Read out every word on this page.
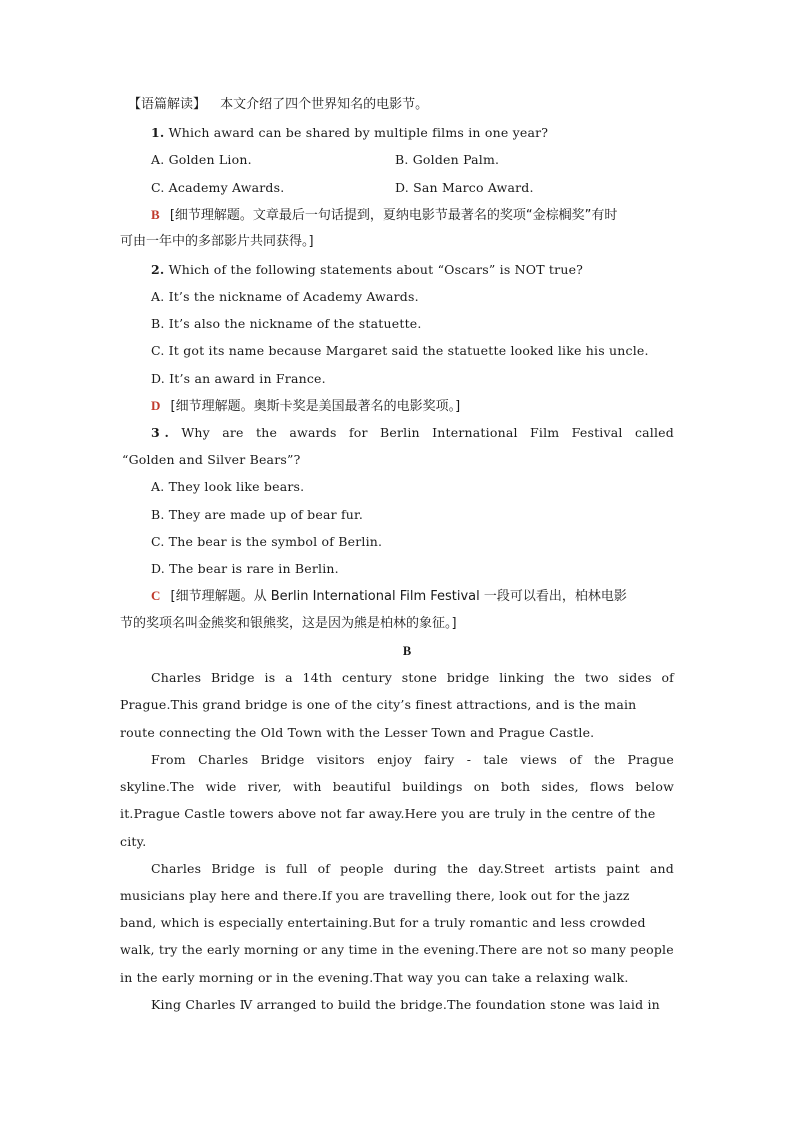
【语篇解读】 本文介绍了四个世界知名的电影节。
1. Which award can be shared by multiple films in one year?
A. Golden Lion.	B. Golden Palm.
C. Academy Awards.	D. San Marco Award.
B [细节理解题。文章最后一句话提到，夏纳电影节最著名的奖项“金棕榈奖”有时
可由一年中的多部影片共同获得。]
2. Which of the following statements about “Oscars” is NOT true?
A. It’s the nickname of Academy Awards.
B. It’s also the nickname of the statuette.
C. It got its name because Margaret said the statuette looked like his uncle.
D. It’s an award in France.
D [细节理解题。奥斯卡奖是美国最著名的电影奖项。]
3 . Why are the awards for Berlin International Film Festival called
“Golden and Silver Bears”?
A. They look like bears.
B. They are made up of bear fur.
C. The bear is the symbol of Berlin.
D. The bear is rare in Berlin.
C [细节理解题。从 Berlin International Film Festival 一段可以看出，柏林电影
节的奖项名叫金熊奖和银熊奖，这是因为熊是柏林的象征。]
B
Charles Bridge is a 14th century stone bridge linking the two sides of
Prague.This grand bridge is one of the city’s finest attractions, and is the main
route connecting the Old Town with the Lesser Town and Prague Castle.
From Charles Bridge visitors enjoy fairy - tale views of the Prague
skyline.The wide river, with beautiful buildings on both sides, flows below
it.Prague Castle towers above not far away.Here you are truly in the centre of the
city.
Charles Bridge is full of people during the day.Street artists paint and
musicians play here and there.If you are travelling there, look out for the jazz
band, which is especially entertaining.But for a truly romantic and less crowded
walk, try the early morning or any time in the evening.There are not so many people
in the early morning or in the evening.That way you can take a relaxing walk.
King Charles Ⅳ arranged to build the bridge.The foundation stone was laid in
